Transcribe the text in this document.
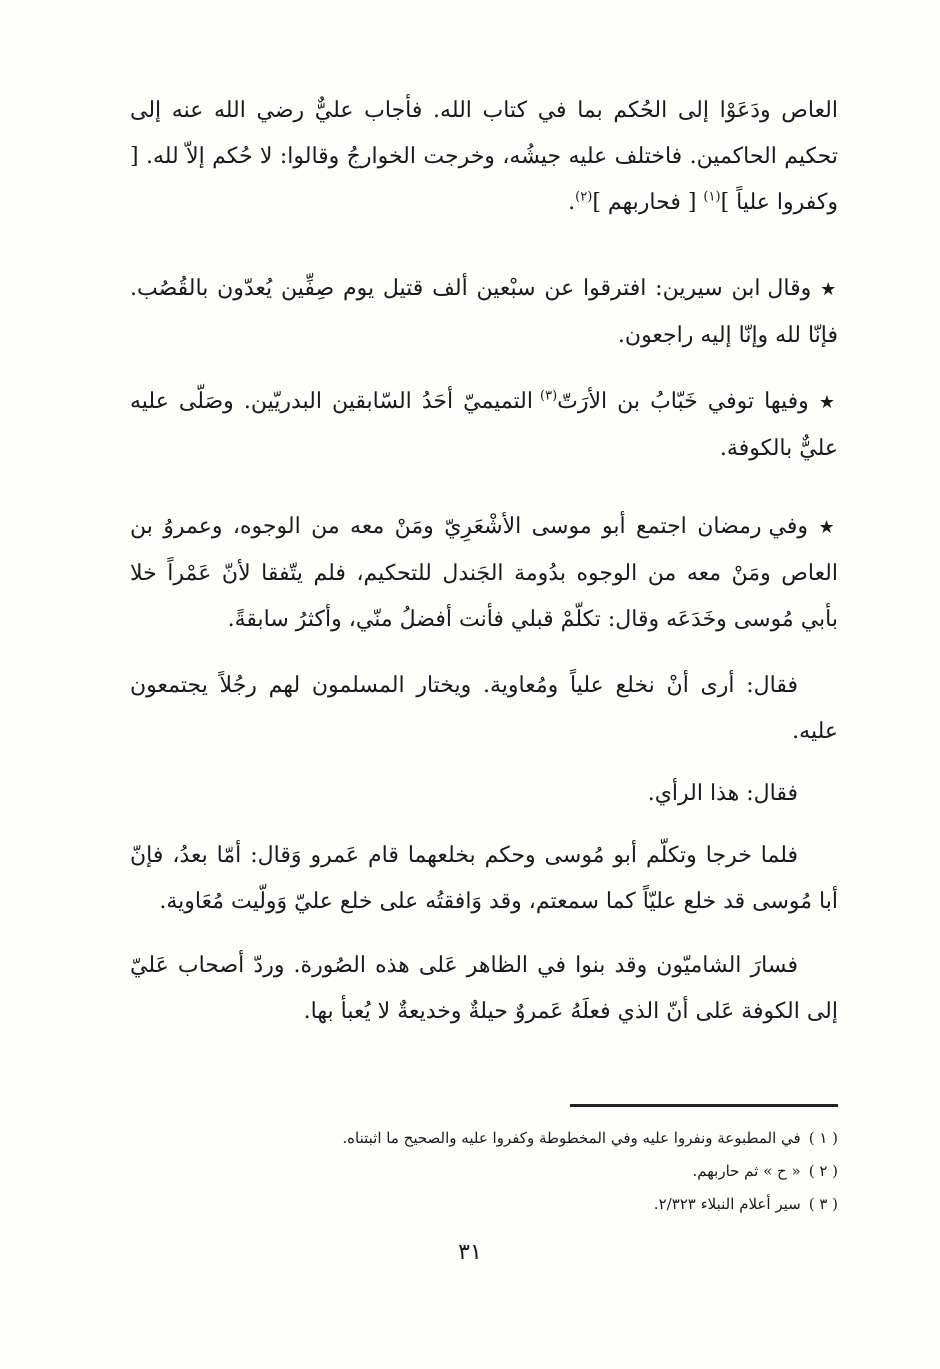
العاص ودَعَوْا إلى الحُكم بما في كتاب الله. فأجاب عليٌّ رضي الله عنه إلى تحكيم الحاكمين. فاختلف عليه جيشُه، وخرجت الخوارجُ وقالوا: لا حُكم إلاّ لله. [ وكفروا علياً ]$^{(١)}$ [ فحاربهم ]$^{(٢)}$.

★ وقال ابن سيرين: افترقوا عن سبْعين ألف قتيل يوم صِفِّين يُعدّون بالقُصُب. فإنّا لله وإنّا إليه راجعون.

★ وفيها توفي خَبّابُ بن الأرَتّ$^{(٣)}$ التميميّ أحَدُ السّابقين البدريّين. وصَلّى عليه عليٌّ بالكوفة.

★ وفي رمضان اجتمع أبو موسى الأشْعَرِيّ ومَنْ معه من الوجوه، وعمروُ بن العاص ومَنْ معه من الوجوه بدُومة الجَندل للتحكيم، فلم يتّفقا لأنّ عَمْراً خلا بأبي مُوسى وخَدَعَه وقال: تكلّمْ قبلي فأنت أفضلُ منّي، وأكثرُ سابقةً.

فقال: أرى أنْ نخلع علياً ومُعاوية. ويختار المسلمون لهم رجُلاً يجتمعون عليه.

فقال: هذا الرأي.

فلما خرجا وتكلّم أبو مُوسى وحكم بخلعهما قام عَمرو وَقال: أمّا بعدُ، فإنّ أبا مُوسى قد خلع عليّاً كما سمعتم، وقد وَافقتُه على خلع عليّ وَولّيت مُعَاوية.

فسارَ الشاميّون وقد بنوا في الظاهر عَلى هذه الصُورة. وردّ أصحاب عَليّ إلى الكوفة عَلى أنّ الذي فعلَهُ عَمروٌ حيلةٌ وخديعةٌ لا يُعبأ بها.

( ١ )في المطبوعة ونفروا عليه وفي المخطوطة وكفروا عليه والصحيح ما اثبتناه.
( ٢ )« ح » ثم حاربهم.
( ٣ )سير أعلام النبلاء ٢/٣٢٣.
٣١
